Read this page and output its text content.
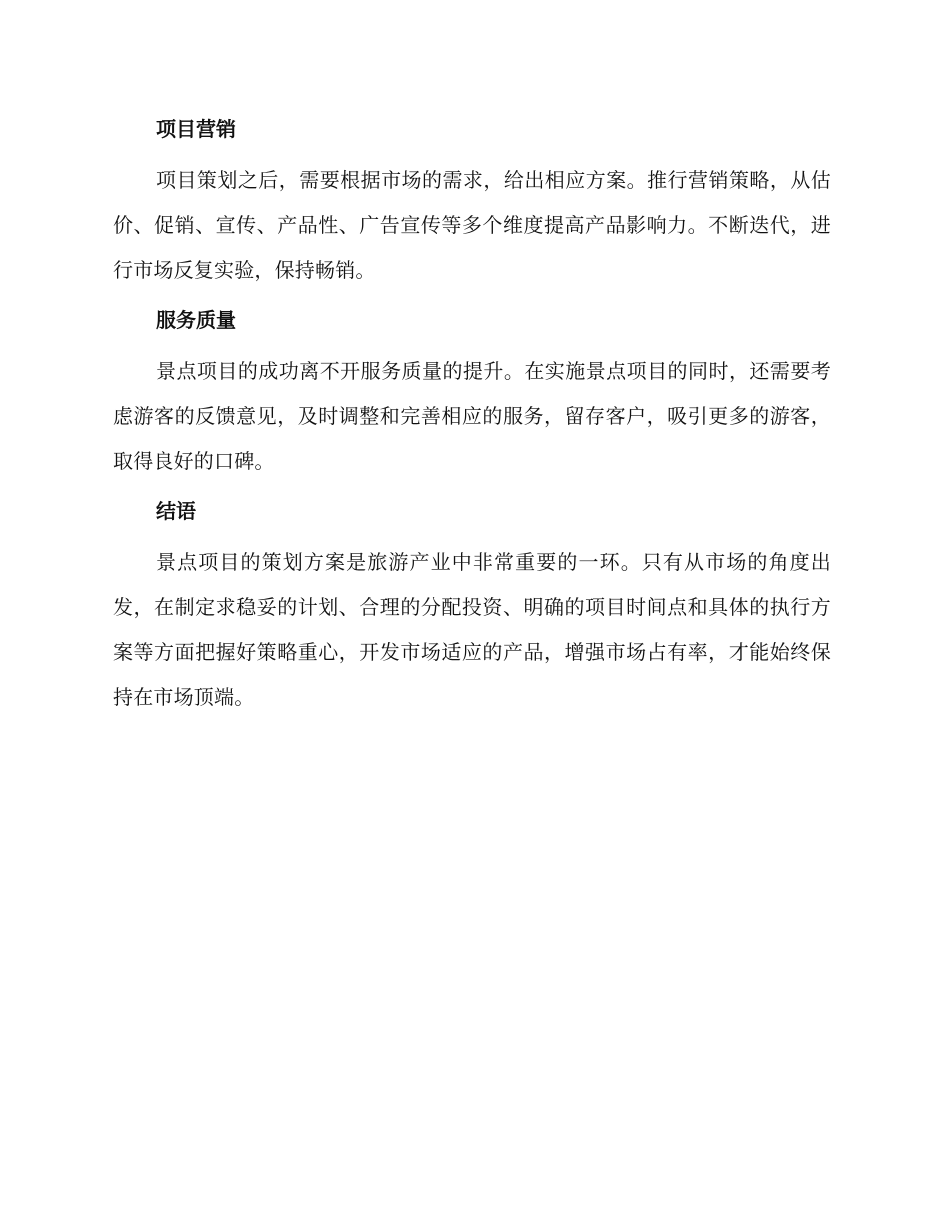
项目营销

项目策划之后，需要根据市场的需求，给出相应方案。推行营销策略，从估价、促销、宣传、产品性、广告宣传等多个维度提高产品影响力。不断迭代，进行市场反复实验，保持畅销。

服务质量

景点项目的成功离不开服务质量的提升。在实施景点项目的同时，还需要考虑游客的反馈意见，及时调整和完善相应的服务，留存客户，吸引更多的游客，取得良好的口碑。

结语

景点项目的策划方案是旅游产业中非常重要的一环。只有从市场的角度出发，在制定求稳妥的计划、合理的分配投资、明确的项目时间点和具体的执行方案等方面把握好策略重心，开发市场适应的产品，增强市场占有率，才能始终保持在市场顶端。
